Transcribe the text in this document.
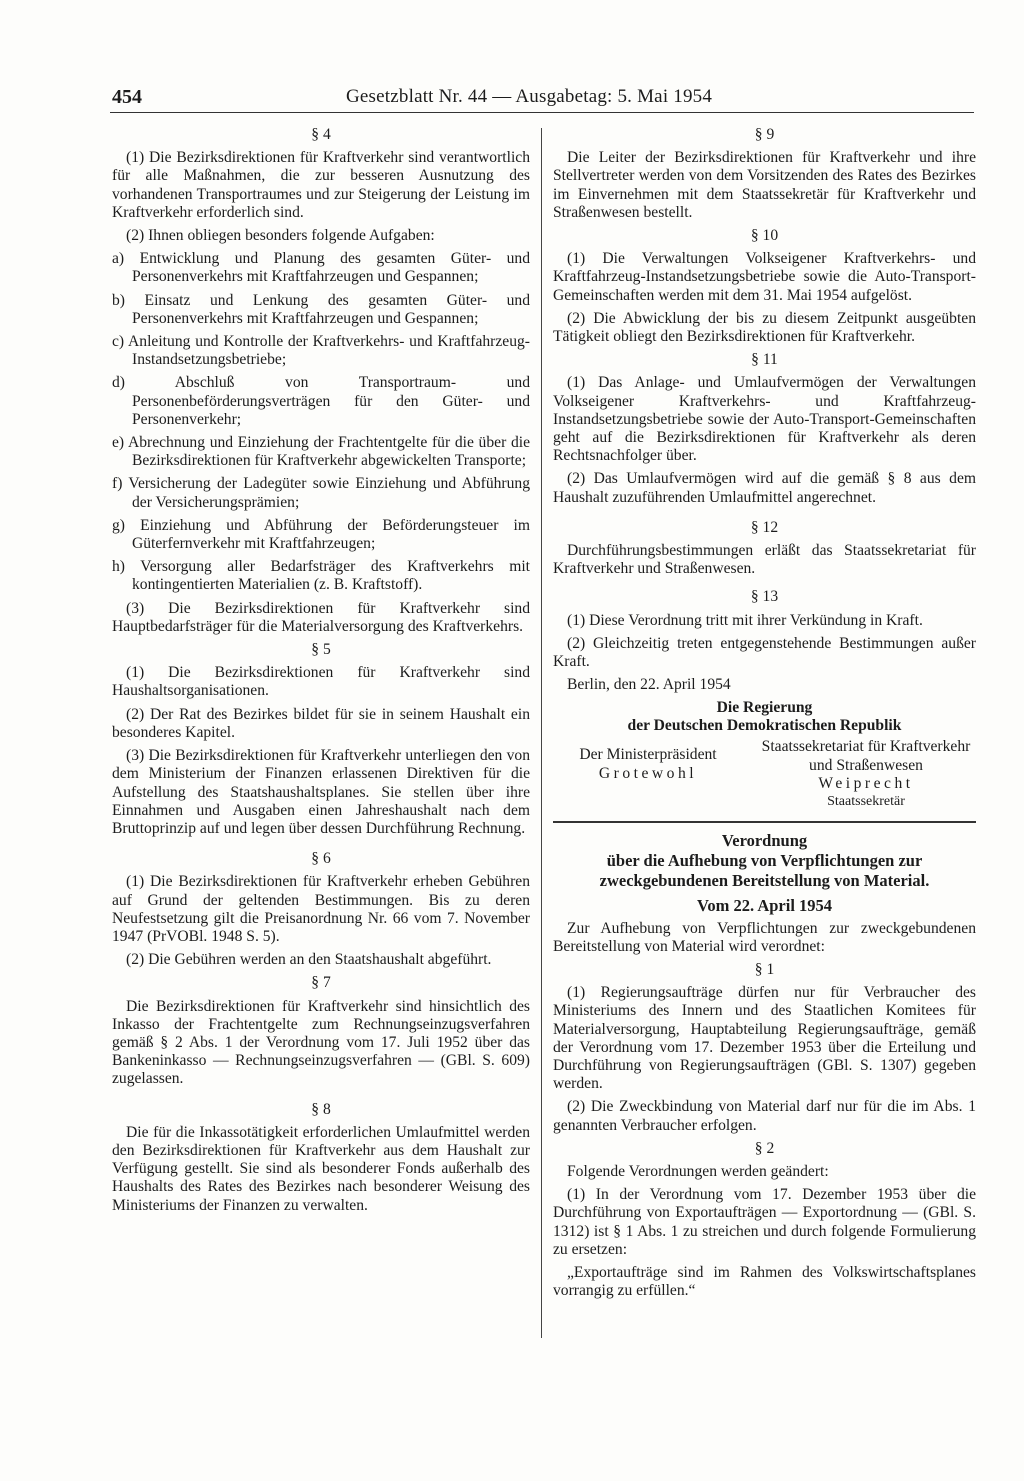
454	Gesetzblatt Nr. 44 — Ausgabetag: 5. Mai 1954

§ 4

(1) Die Bezirksdirektionen für Kraftverkehr sind verantwortlich für alle Maßnahmen, die zur besseren Ausnutzung des vorhandenen Transportraumes und zur Steigerung der Leistung im Kraftverkehr erforderlich sind.

(2) Ihnen obliegen besonders folgende Aufgaben:

a) Entwicklung und Planung des gesamten Güter- und Personenverkehrs mit Kraftfahrzeugen und Gespannen;

b) Einsatz und Lenkung des gesamten Güter- und Personenverkehrs mit Kraftfahrzeugen und Gespannen;

c) Anleitung und Kontrolle der Kraftverkehrs- und Kraftfahrzeug-Instandsetzungsbetriebe;

d) Abschluß von Transportraum- und Personenbeförderungsverträgen für den Güter- und Personenverkehr;

e) Abrechnung und Einziehung der Frachtentgelte für die über die Bezirksdirektionen für Kraftverkehr abgewickelten Transporte;

f) Versicherung der Ladegüter sowie Einziehung und Abführung der Versicherungsprämien;

g) Einziehung und Abführung der Beförderungsteuer im Güterfernverkehr mit Kraftfahrzeugen;

h) Versorgung aller Bedarfsträger des Kraftverkehrs mit kontingentierten Materialien (z. B. Kraftstoff).

(3) Die Bezirksdirektionen für Kraftverkehr sind Hauptbedarfsträger für die Materialversorgung des Kraftverkehrs.

§ 5

(1) Die Bezirksdirektionen für Kraftverkehr sind Haushaltsorganisationen.

(2) Der Rat des Bezirkes bildet für sie in seinem Haushalt ein besonderes Kapitel.

(3) Die Bezirksdirektionen für Kraftverkehr unterliegen den von dem Ministerium der Finanzen erlassenen Direktiven für die Aufstellung des Staatshaushaltsplanes. Sie stellen über ihre Einnahmen und Ausgaben einen Jahreshaushalt nach dem Bruttoprinzip auf und legen über dessen Durchführung Rechnung.

§ 6

(1) Die Bezirksdirektionen für Kraftverkehr erheben Gebühren auf Grund der geltenden Bestimmungen. Bis zu deren Neufestsetzung gilt die Preisanordnung Nr. 66 vom 7. November 1947 (PrVOBl. 1948 S. 5).

(2) Die Gebühren werden an den Staatshaushalt abgeführt.

§ 7

Die Bezirksdirektionen für Kraftverkehr sind hinsichtlich des Inkasso der Frachtentgelte zum Rechnungseinzugsverfahren gemäß § 2 Abs. 1 der Verordnung vom 17. Juli 1952 über das Bankeninkasso — Rechnungseinzugsverfahren — (GBl. S. 609) zugelassen.

§ 8

Die für die Inkassotätigkeit erforderlichen Umlaufmittel werden den Bezirksdirektionen für Kraftverkehr aus dem Haushalt zur Verfügung gestellt. Sie sind als besonderer Fonds außerhalb des Haushalts des Rates des Bezirkes nach besonderer Weisung des Ministeriums der Finanzen zu verwalten.

§ 9

Die Leiter der Bezirksdirektionen für Kraftverkehr und ihre Stellvertreter werden von dem Vorsitzenden des Rates des Bezirkes im Einvernehmen mit dem Staatssekretär für Kraftverkehr und Straßenwesen bestellt.

§ 10

(1) Die Verwaltungen Volkseigener Kraftverkehrs- und Kraftfahrzeug-Instandsetzungsbetriebe sowie die Auto-Transport-Gemeinschaften werden mit dem 31. Mai 1954 aufgelöst.

(2) Die Abwicklung der bis zu diesem Zeitpunkt ausgeübten Tätigkeit obliegt den Bezirksdirektionen für Kraftverkehr.

§ 11

(1) Das Anlage- und Umlaufvermögen der Verwaltungen Volkseigener Kraftverkehrs- und Kraftfahrzeug-Instandsetzungsbetriebe sowie der Auto-Transport-Gemeinschaften geht auf die Bezirksdirektionen für Kraftverkehr als deren Rechtsnachfolger über.

(2) Das Umlaufvermögen wird auf die gemäß § 8 aus dem Haushalt zuzuführenden Umlaufmittel angerechnet.

§ 12

Durchführungsbestimmungen erläßt das Staatssekretariat für Kraftverkehr und Straßenwesen.

§ 13

(1) Diese Verordnung tritt mit ihrer Verkündung in Kraft.

(2) Gleichzeitig treten entgegenstehende Bestimmungen außer Kraft.

Berlin, den 22. April 1954

Die Regierung
der Deutschen Demokratischen Republik
Der Ministerpräsident
Grotewohl
Staatssekretariat für Kraftverkehr und Straßenwesen
Weiprecht
Staatssekretär
Verordnung
über die Aufhebung von Verpflichtungen zur zweckgebundenen Bereitstellung von Material.
Vom 22. April 1954

Zur Aufhebung von Verpflichtungen zur zweckgebundenen Bereitstellung von Material wird verordnet:

§ 1

(1) Regierungsaufträge dürfen nur für Verbraucher des Ministeriums des Innern und des Staatlichen Komitees für Materialversorgung, Hauptabteilung Regierungsaufträge, gemäß der Verordnung vom 17. Dezember 1953 über die Erteilung und Durchführung von Regierungsaufträgen (GBl. S. 1307) gegeben werden.

(2) Die Zweckbindung von Material darf nur für die im Abs. 1 genannten Verbraucher erfolgen.

§ 2

Folgende Verordnungen werden geändert:

(1) In der Verordnung vom 17. Dezember 1953 über die Durchführung von Exportaufträgen — Exportordnung — (GBl. S. 1312) ist § 1 Abs. 1 zu streichen und durch folgende Formulierung zu ersetzen:

„Exportaufträge sind im Rahmen des Volkswirtschaftsplanes vorrangig zu erfüllen.“
